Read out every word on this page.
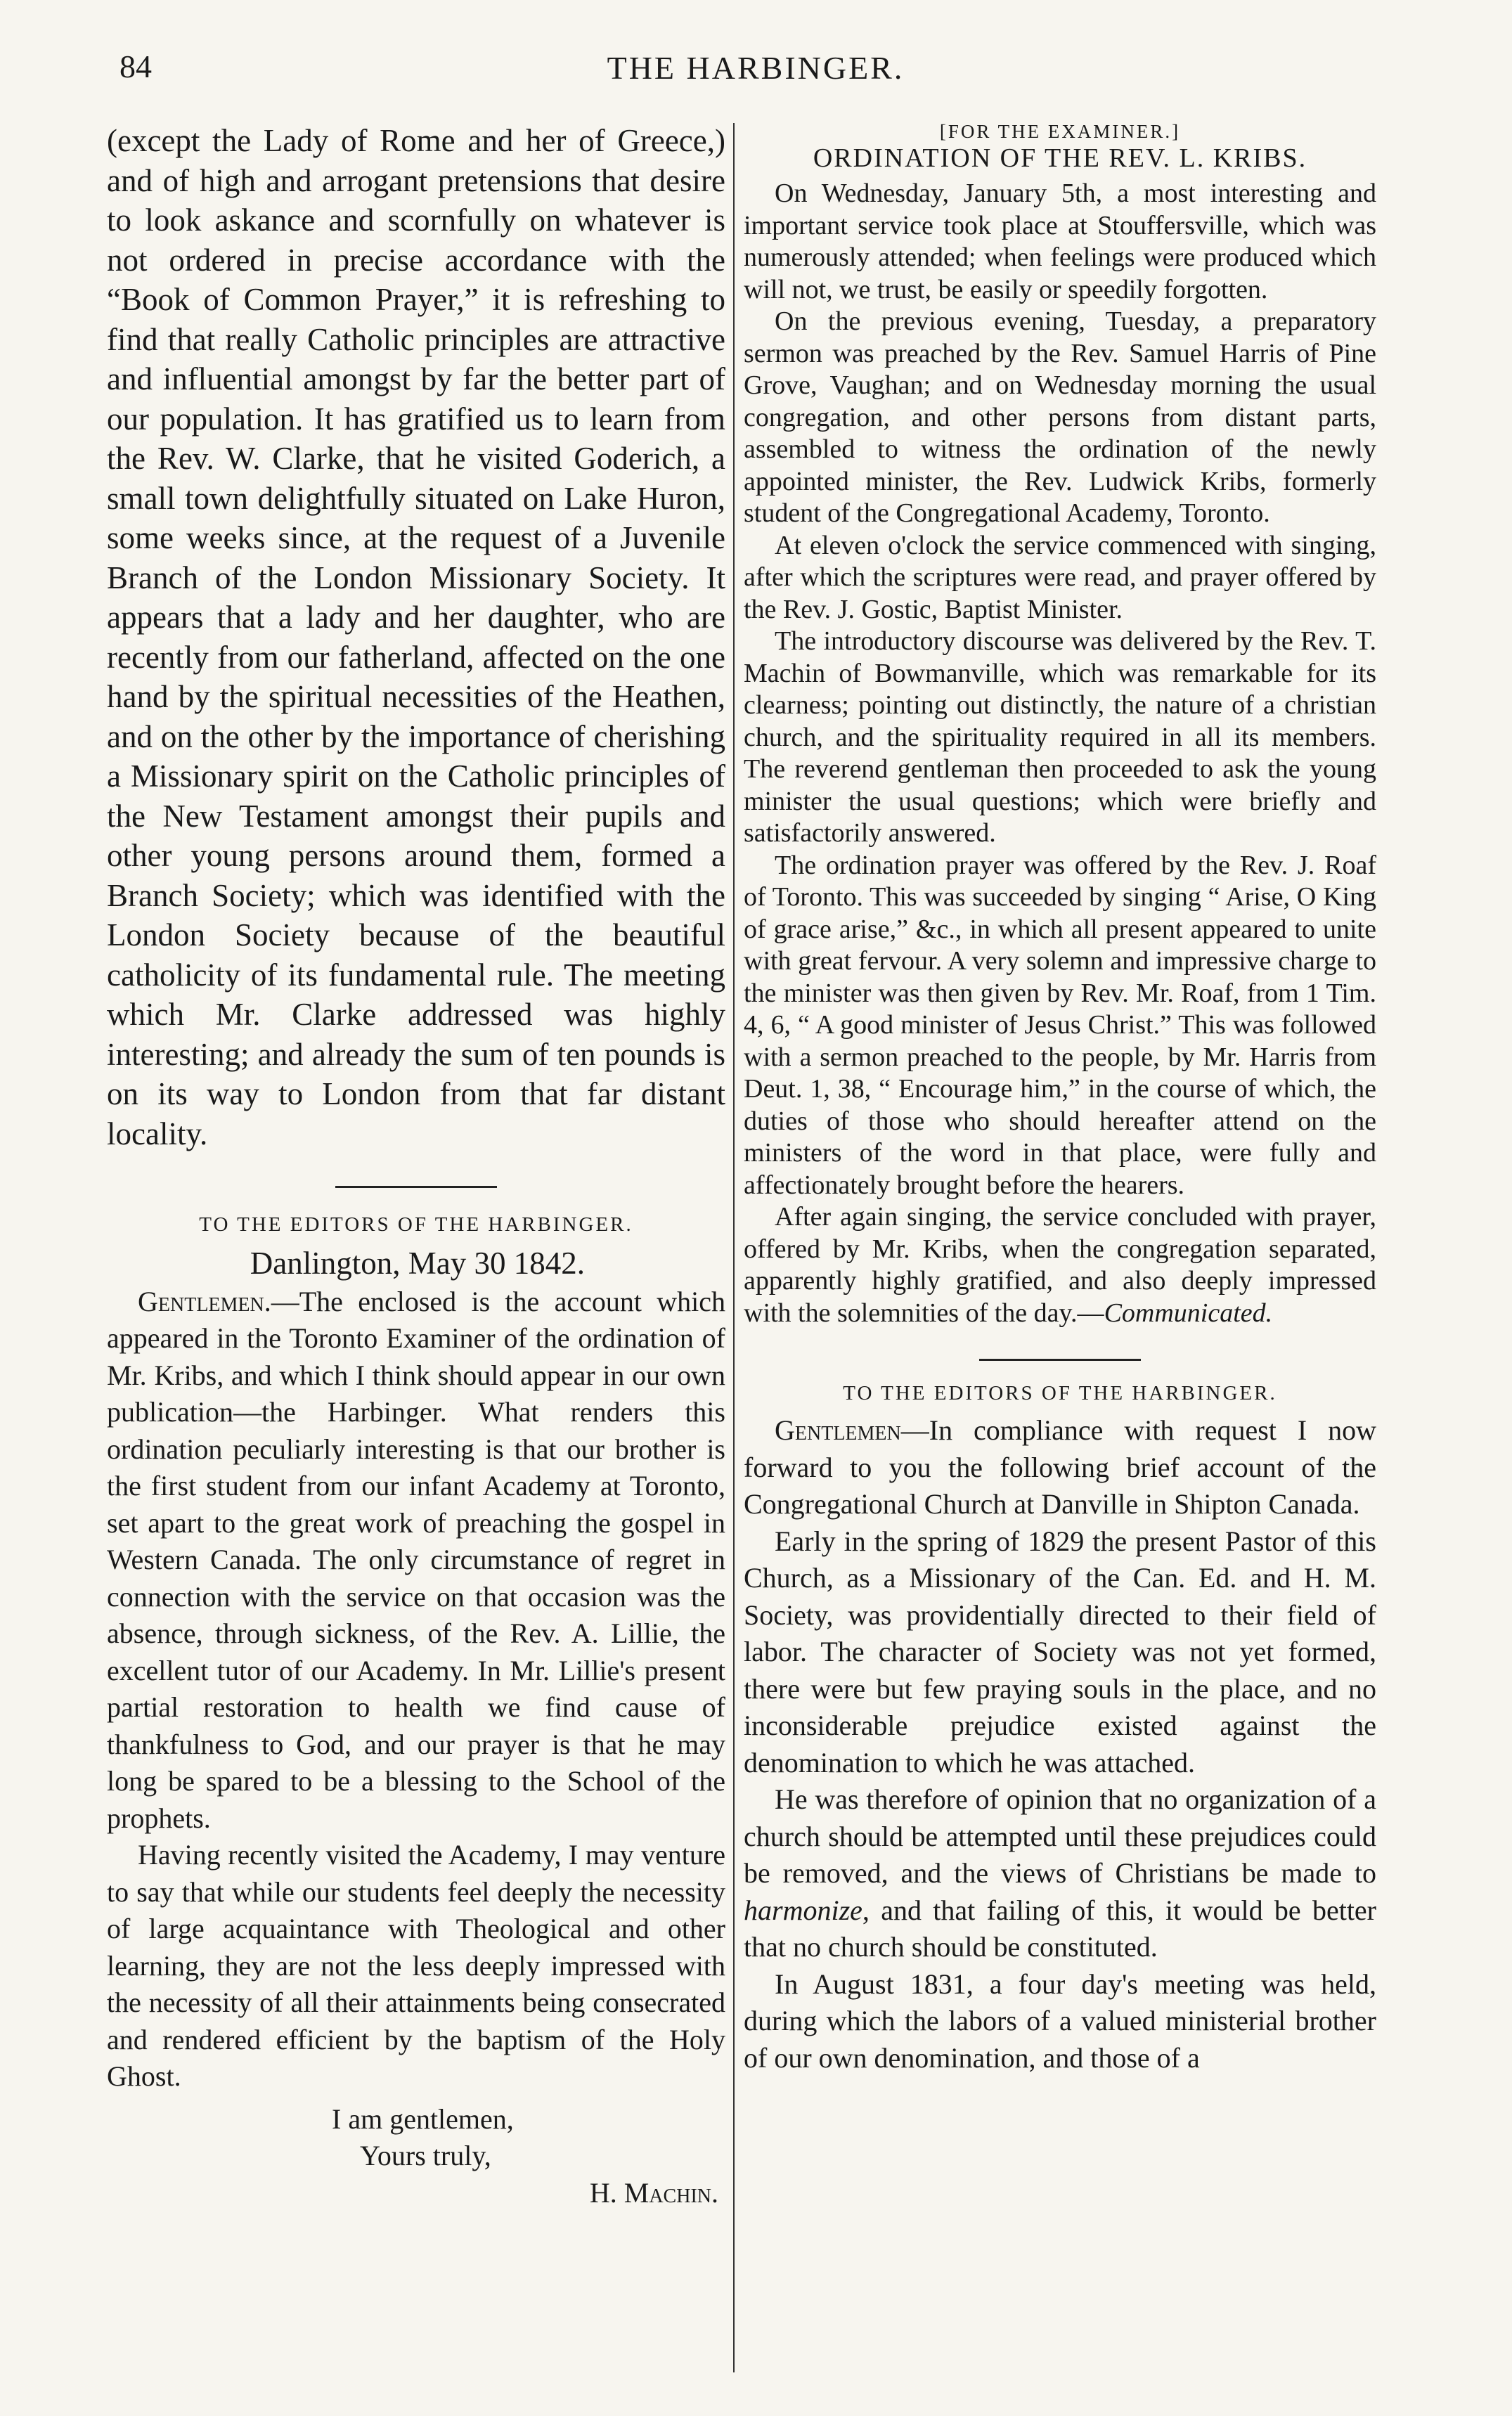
84	THE HARBINGER.

(except the Lady of Rome and her of Greece,) and of high and arrogant pretensions that desire to look askance and scornfully on whatever is not ordered in precise accordance with the “Book of Common Prayer,” it is refreshing to find that really Catholic principles are attractive and influential amongst by far the better part of our population. It has gratified us to learn from the Rev. W. Clarke, that he visited Goderich, a small town delightfully situated on Lake Huron, some weeks since, at the request of a Juvenile Branch of the London Missionary Society. It appears that a lady and her daughter, who are recently from our fatherland, affected on the one hand by the spiritual necessities of the Heathen, and on the other by the importance of cherishing a Missionary spirit on the Catholic principles of the New Testament amongst their pupils and other young persons around them, formed a Branch Society; which was identified with the London Society because of the beautiful catholicity of its fundamental rule. The meeting which Mr. Clarke addressed was highly interesting; and already the sum of ten pounds is on its way to London from that far distant locality.

TO THE EDITORS OF THE HARBINGER.

Danlington, May 30 1842.

Gentlemen.—The enclosed is the account which appeared in the Toronto Examiner of the ordination of Mr. Kribs, and which I think should appear in our own publication—the Harbinger. What renders this ordination peculiarly interesting is that our brother is the first student from our infant Academy at Toronto, set apart to the great work of preaching the gospel in Western Canada. The only circumstance of regret in connection with the service on that occasion was the absence, through sickness, of the Rev. A. Lillie, the excellent tutor of our Academy. In Mr. Lillie's present partial restoration to health we find cause of thankfulness to God, and our prayer is that he may long be spared to be a blessing to the School of the prophets.

Having recently visited the Academy, I may venture to say that while our students feel deeply the necessity of large acquaintance with Theological and other learning, they are not the less deeply impressed with the necessity of all their attainments being consecrated and rendered efficient by the baptism of the Holy Ghost.

I am gentlemen,

Yours truly,

H. Machin.

[FOR THE EXAMINER.]

ORDINATION OF THE REV. L. KRIBS.

On Wednesday, January 5th, a most interesting and important service took place at Stouffersville, which was numerously attended; when feelings were produced which will not, we trust, be easily or speedily forgotten.

On the previous evening, Tuesday, a preparatory sermon was preached by the Rev. Samuel Harris of Pine Grove, Vaughan; and on Wednesday morning the usual congregation, and other persons from distant parts, assembled to witness the ordination of the newly appointed minister, the Rev. Ludwick Kribs, formerly student of the Congregational Academy, Toronto.

At eleven o'clock the service commenced with singing, after which the scriptures were read, and prayer offered by the Rev. J. Gostic, Baptist Minister.

The introductory discourse was delivered by the Rev. T. Machin of Bowmanville, which was remarkable for its clearness; pointing out distinctly, the nature of a christian church, and the spirituality required in all its members. The reverend gentleman then proceeded to ask the young minister the usual questions; which were briefly and satisfactorily answered.

The ordination prayer was offered by the Rev. J. Roaf of Toronto. This was succeeded by singing “ Arise, O King of grace arise,” &c., in which all present appeared to unite with great fervour. A very solemn and impressive charge to the minister was then given by Rev. Mr. Roaf, from 1 Tim. 4, 6, “ A good minister of Jesus Christ.” This was followed with a sermon preached to the people, by Mr. Harris from Deut. 1, 38, “ Encourage him,” in the course of which, the duties of those who should hereafter attend on the ministers of the word in that place, were fully and affectionately brought before the hearers.

After again singing, the service concluded with prayer, offered by Mr. Kribs, when the congregation separated, apparently highly gratified, and also deeply impressed with the solemnities of the day.—Communicated.

TO THE EDITORS OF THE HARBINGER.

Gentlemen—In compliance with request I now forward to you the following brief account of the Congregational Church at Danville in Shipton Canada.

Early in the spring of 1829 the present Pastor of this Church, as a Missionary of the Can. Ed. and H. M. Society, was providentially directed to their field of labor. The character of Society was not yet formed, there were but few praying souls in the place, and no inconsiderable prejudice existed against the denomination to which he was attached.

He was therefore of opinion that no organization of a church should be attempted until these prejudices could be removed, and the views of Christians be made to harmonize, and that failing of this, it would be better that no church should be constituted.

In August 1831, a four day's meeting was held, during which the labors of a valued ministerial brother of our own denomination, and those of a
